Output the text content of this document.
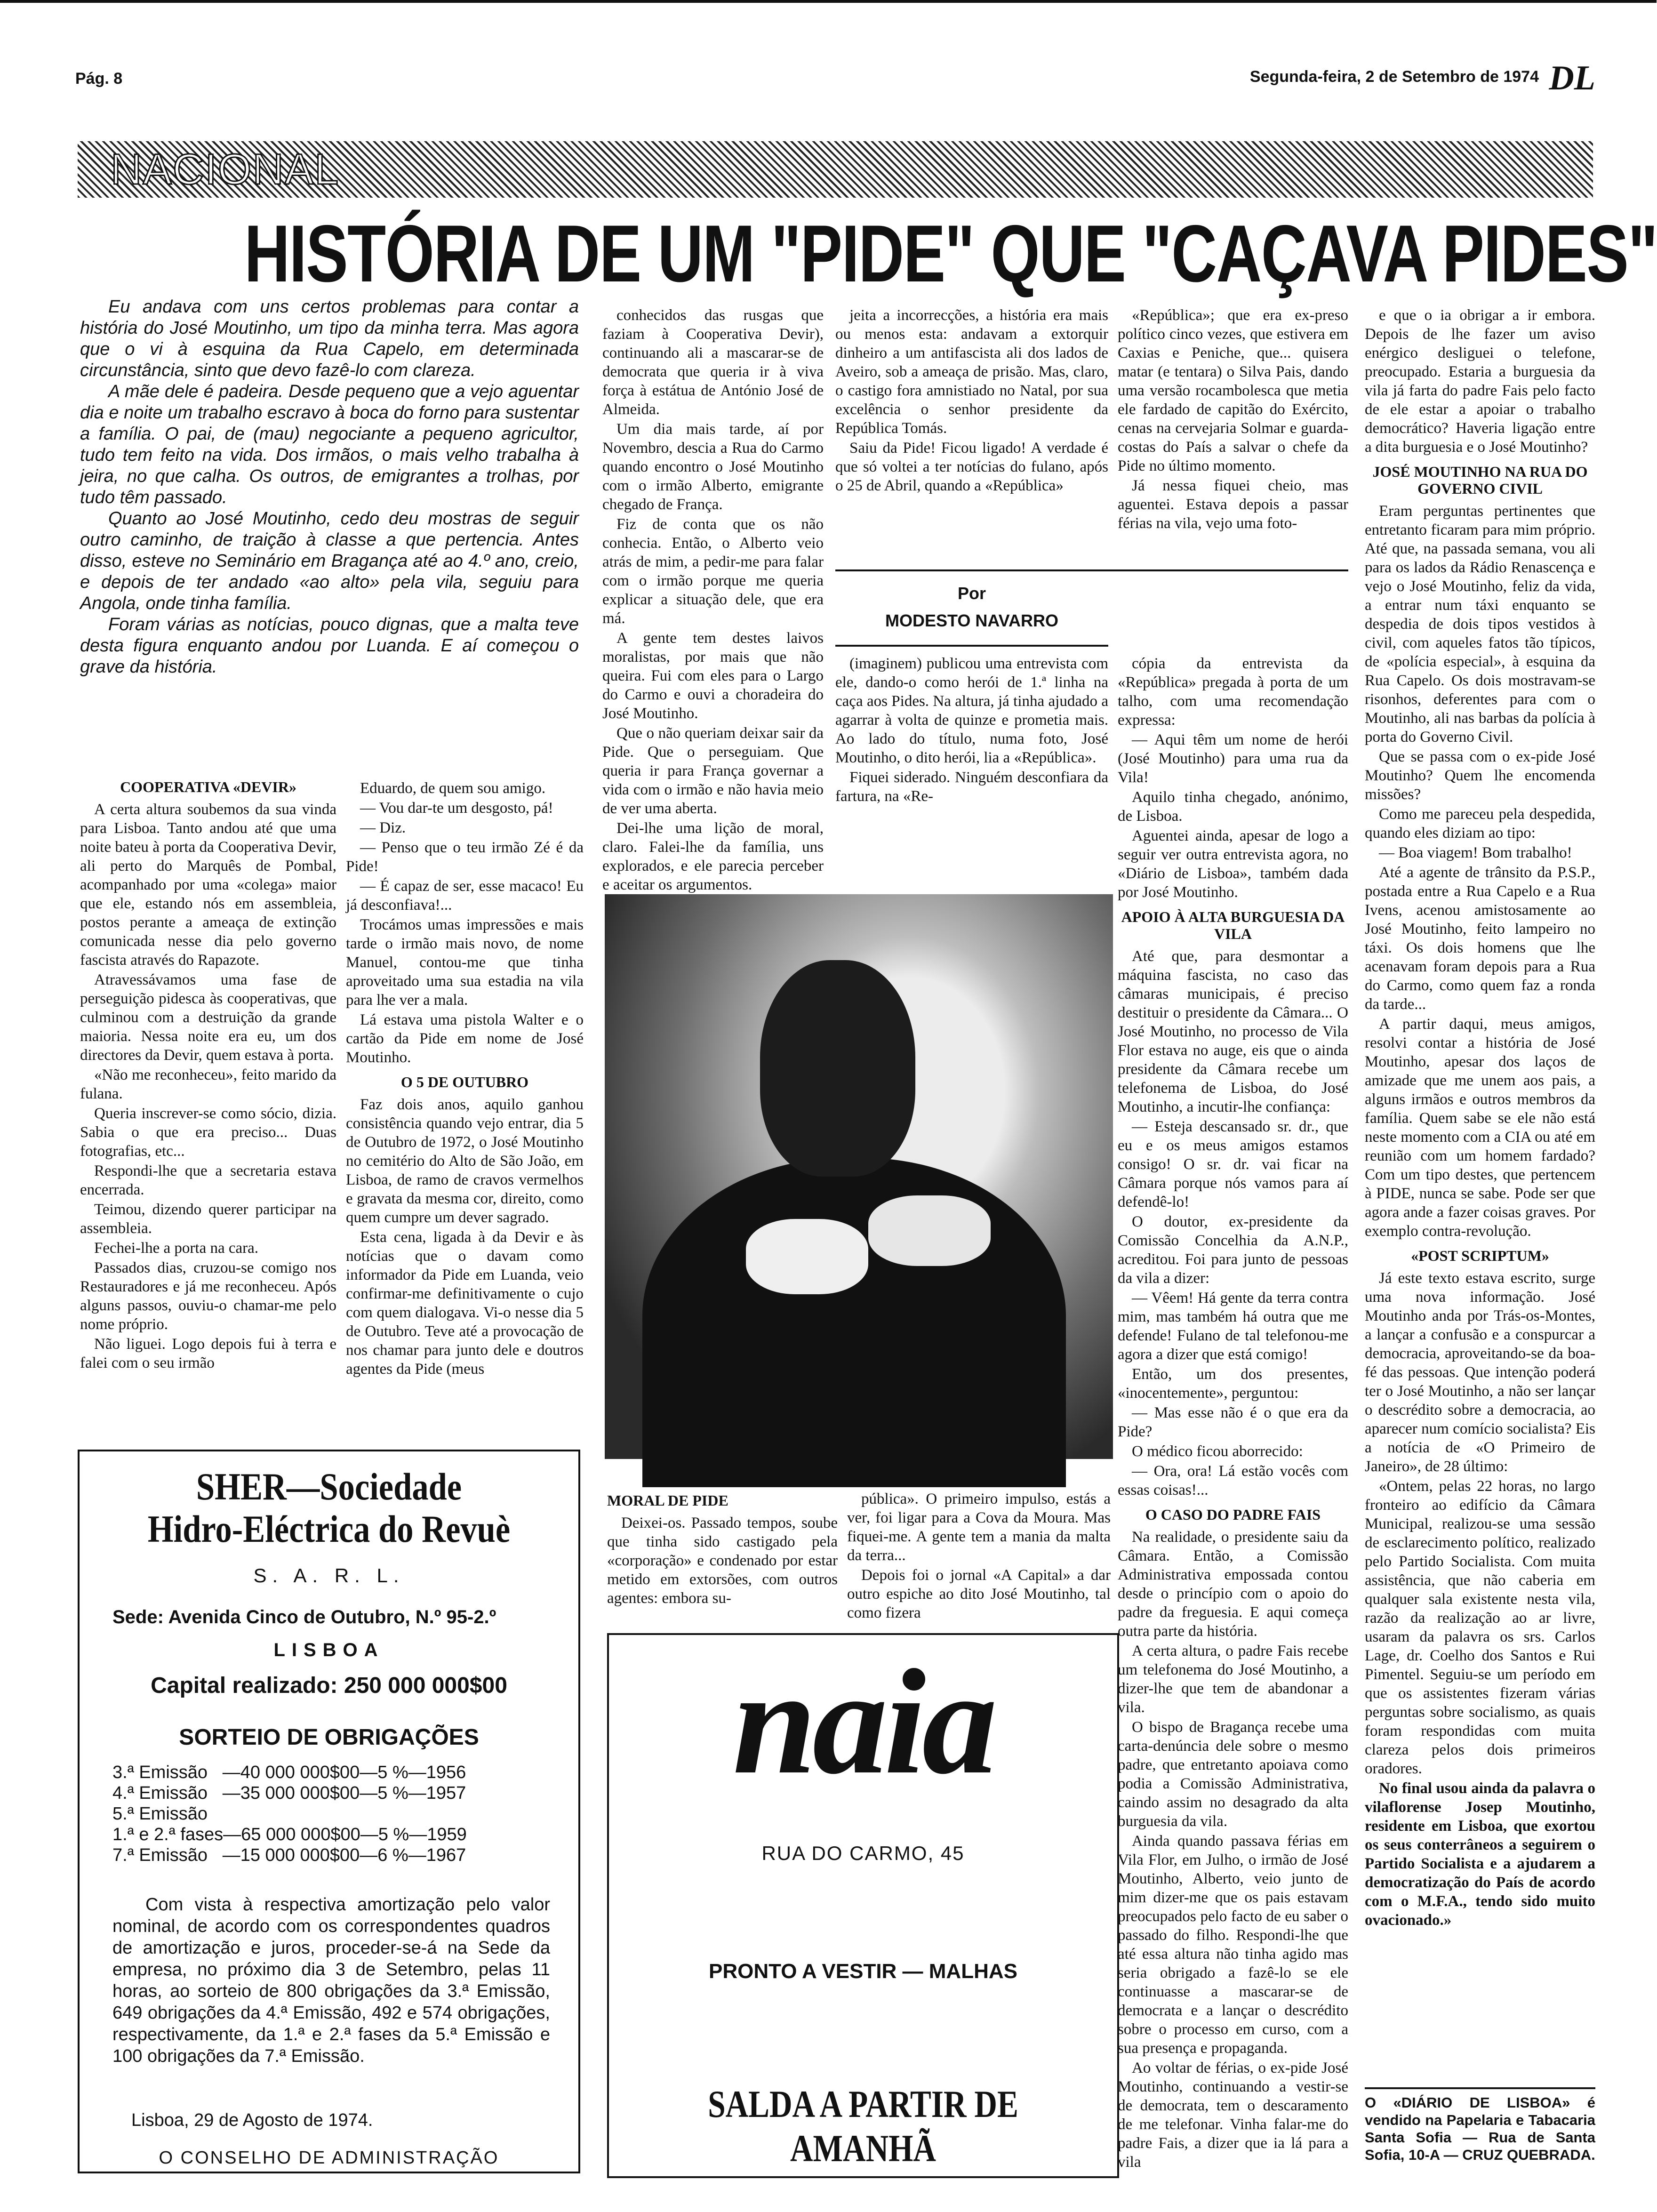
Pág. 8	Segunda-feira, 2 de Setembro de 1974 DL
NACIONAL
HISTÓRIA DE UM "PIDE" QUE "CAÇAVA PIDES"

Eu andava com uns certos problemas para contar a história do José Moutinho, um tipo da minha terra. Mas agora que o vi à esquina da Rua Capelo, em determinada circunstância, sinto que devo fazê-lo com clareza.

A mãe dele é padeira. Desde pequeno que a vejo aguentar dia e noite um trabalho escravo à boca do forno para sustentar a família. O pai, de (mau) negociante a pequeno agricultor, tudo tem feito na vida. Dos irmãos, o mais velho trabalha à jeira, no que calha. Os outros, de emigrantes a trolhas, por tudo têm passado.

Quanto ao José Moutinho, cedo deu mostras de seguir outro caminho, de traição à classe a que pertencia. Antes disso, esteve no Seminário em Bragança até ao 4.º ano, creio, e depois de ter andado «ao alto» pela vila, seguiu para Angola, onde tinha família.

Foram várias as notícias, pouco dignas, que a malta teve desta figura enquanto andou por Luanda. E aí começou o grave da história.

COOPERATIVA «DEVIR»

A certa altura soubemos da sua vinda para Lisboa. Tanto andou até que uma noite bateu à porta da Cooperativa Devir, ali perto do Marquês de Pombal, acompanhado por uma «colega» maior que ele, estando nós em assembleia, postos perante a ameaça de extinção comunicada nesse dia pelo governo fascista através do Rapazote.

Atravessávamos uma fase de perseguição pidesca às cooperativas, que culminou com a destruição da grande maioria. Nessa noite era eu, um dos directores da Devir, quem estava à porta.

«Não me reconheceu», feito marido da fulana.

Queria inscrever-se como sócio, dizia. Sabia o que era preciso... Duas fotografias, etc...

Respondi-lhe que a secretaria estava encerrada.

Teimou, dizendo querer participar na assembleia.

Fechei-lhe a porta na cara.

Passados dias, cruzou-se comigo nos Restauradores e já me reconheceu. Após alguns passos, ouviu-o chamar-me pelo nome próprio.

Não liguei. Logo depois fui à terra e falei com o seu irmão

Eduardo, de quem sou amigo.

— Vou dar-te um desgosto, pá!

— Diz.

— Penso que o teu irmão Zé é da Pide!

— É capaz de ser, esse macaco! Eu já desconfiava!...

Trocámos umas impressões e mais tarde o irmão mais novo, de nome Manuel, contou-me que tinha aproveitado uma sua estadia na vila para lhe ver a mala.

Lá estava uma pistola Walter e o cartão da Pide em nome de José Moutinho.

O 5 DE OUTUBRO

Faz dois anos, aquilo ganhou consistência quando vejo entrar, dia 5 de Outubro de 1972, o José Moutinho no cemitério do Alto de São João, em Lisboa, de ramo de cravos vermelhos e gravata da mesma cor, direito, como quem cumpre um dever sagrado.

Esta cena, ligada à da Devir e às notícias que o davam como informador da Pide em Luanda, veio confirmar-me definitivamente o cujo com quem dialogava. Vi-o nesse dia 5 de Outubro. Teve até a provocação de nos chamar para junto dele e doutros agentes da Pide (meus

conhecidos das rusgas que faziam à Cooperativa Devir), continuando ali a mascarar-se de democrata que queria ir à viva força à estátua de António José de Almeida.

Um dia mais tarde, aí por Novembro, descia a Rua do Carmo quando encontro o José Moutinho com o irmão Alberto, emigrante chegado de França.

Fiz de conta que os não conhecia. Então, o Alberto veio atrás de mim, a pedir-me para falar com o irmão porque me queria explicar a situação dele, que era má.

A gente tem destes laivos moralistas, por mais que não queira. Fui com eles para o Largo do Carmo e ouvi a choradeira do José Moutinho.

Que o não queriam deixar sair da Pide. Que o perseguiam. Que queria ir para França governar a vida com o irmão e não havia meio de ver uma aberta.

Dei-lhe uma lição de moral, claro. Falei-lhe da família, uns explorados, e ele parecia perceber e aceitar os argumentos.

jeita a incorrecções, a história era mais ou menos esta: andavam a extorquir dinheiro a um antifascista ali dos lados de Aveiro, sob a ameaça de prisão. Mas, claro, o castigo fora amnistiado no Natal, por sua excelência o senhor presidente da República Tomás.

Saiu da Pide! Ficou ligado! A verdade é que só voltei a ter notícias do fulano, após o 25 de Abril, quando a «República»

Por
MODESTO NAVARRO

(imaginem) publicou uma entrevista com ele, dando-o como herói de 1.ª linha na caça aos Pides. Na altura, já tinha ajudado a agarrar à volta de quinze e prometia mais. Ao lado do título, numa foto, José Moutinho, o dito herói, lia a «República».

Fiquei siderado. Ninguém desconfiara da fartura, na «Re-

«República»; que era ex-preso político cinco vezes, que estivera em Caxias e Peniche, que... quisera matar (e tentara) o Silva Pais, dando uma versão rocambolesca que metia ele fardado de capitão do Exército, cenas na cervejaria Solmar e guarda-costas do País a salvar o chefe da Pide no último momento.

Já nessa fiquei cheio, mas aguentei. Estava depois a passar férias na vila, vejo uma foto-

cópia da entrevista da «República» pregada à porta de um talho, com uma recomendação expressa:

— Aqui têm um nome de herói (José Moutinho) para uma rua da Vila!

Aquilo tinha chegado, anónimo, de Lisboa.

Aguentei ainda, apesar de logo a seguir ver outra entrevista agora, no «Diário de Lisboa», também dada por José Moutinho.

APOIO À ALTA BURGUESIA DA VILA

Até que, para desmontar a máquina fascista, no caso das câmaras municipais, é preciso destituir o presidente da Câmara... O José Moutinho, no processo de Vila Flor estava no auge, eis que o ainda presidente da Câmara recebe um telefonema de Lisboa, do José Moutinho, a incutir-lhe confiança:

— Esteja descansado sr. dr., que eu e os meus amigos estamos consigo! O sr. dr. vai ficar na Câmara porque nós vamos para aí defendê-lo!

O doutor, ex-presidente da Comissão Concelhia da A.N.P., acreditou. Foi para junto de pessoas da vila a dizer:

— Vêem! Há gente da terra contra mim, mas também há outra que me defende! Fulano de tal telefonou-me agora a dizer que está comigo!

Então, um dos presentes, «inocentemente», perguntou:

— Mas esse não é o que era da Pide?

O médico ficou aborrecido:

— Ora, ora! Lá estão vocês com essas coisas!...

O CASO DO PADRE FAIS

Na realidade, o presidente saiu da Câmara. Então, a Comissão Administrativa empossada contou desde o princípio com o apoio do padre da freguesia. E aqui começa outra parte da história.

A certa altura, o padre Fais recebe um telefonema do José Moutinho, a dizer-lhe que tem de abandonar a vila.

O bispo de Bragança recebe uma carta-denúncia dele sobre o mesmo padre, que entretanto apoiava como podia a Comissão Administrativa, caindo assim no desagrado da alta burguesia da vila.

Ainda quando passava férias em Vila Flor, em Julho, o irmão de José Moutinho, Alberto, veio junto de mim dizer-me que os pais estavam preocupados pelo facto de eu saber o passado do filho. Respondi-lhe que até essa altura não tinha agido mas seria obrigado a fazê-lo se ele continuasse a mascarar-se de democrata e a lançar o descrédito sobre o processo em curso, com a sua presença e propaganda.

Ao voltar de férias, o ex-pide José Moutinho, continuando a vestir-se de democrata, tem o descaramento de me telefonar. Vinha falar-me do padre Fais, a dizer que ia lá para a vila

e que o ia obrigar a ir embora. Depois de lhe fazer um aviso enérgico desliguei o telefone, preocupado. Estaria a burguesia da vila já farta do padre Fais pelo facto de ele estar a apoiar o trabalho democrático? Haveria ligação entre a dita burguesia e o José Moutinho?

JOSÉ MOUTINHO NA RUA DO GOVERNO CIVIL

Eram perguntas pertinentes que entretanto ficaram para mim próprio. Até que, na passada semana, vou ali para os lados da Rádio Renascença e vejo o José Moutinho, feliz da vida, a entrar num táxi enquanto se despedia de dois tipos vestidos à civil, com aqueles fatos tão típicos, de «polícia especial», à esquina da Rua Capelo. Os dois mostravam-se risonhos, deferentes para com o Moutinho, ali nas barbas da polícia à porta do Governo Civil.

Que se passa com o ex-pide José Moutinho? Quem lhe encomenda missões?

Como me pareceu pela despedida, quando eles diziam ao tipo:

— Boa viagem! Bom trabalho!

Até a agente de trânsito da P.S.P., postada entre a Rua Capelo e a Rua Ivens, acenou amistosamente ao José Moutinho, feito lampeiro no táxi. Os dois homens que lhe acenavam foram depois para a Rua do Carmo, como quem faz a ronda da tarde...

A partir daqui, meus amigos, resolvi contar a história de José Moutinho, apesar dos laços de amizade que me unem aos pais, a alguns irmãos e outros membros da família. Quem sabe se ele não está neste momento com a CIA ou até em reunião com um homem fardado? Com um tipo destes, que pertencem à PIDE, nunca se sabe. Pode ser que agora ande a fazer coisas graves. Por exemplo contra-revolução.

«POST SCRIPTUM»

Já este texto estava escrito, surge uma nova informação. José Moutinho anda por Trás-os-Montes, a lançar a confusão e a conspurcar a democracia, aproveitando-se da boa-fé das pessoas. Que intenção poderá ter o José Moutinho, a não ser lançar o descrédito sobre a democracia, ao aparecer num comício socialista? Eis a notícia de «O Primeiro de Janeiro», de 28 último:

«Ontem, pelas 22 horas, no largo fronteiro ao edifício da Câmara Municipal, realizou-se uma sessão de esclarecimento político, realizado pelo Partido Socialista. Com muita assistência, que não caberia em qualquer sala existente nesta vila, razão da realização ao ar livre, usaram da palavra os srs. Carlos Lage, dr. Coelho dos Santos e Rui Pimentel. Seguiu-se um período em que os assistentes fizeram várias perguntas sobre socialismo, as quais foram respondidas com muita clareza pelos dois primeiros oradores.

No final usou ainda da palavra o vilaflorense Josep Moutinho, residente em Lisboa, que exortou os seus conterrâneos a seguirem o Partido Socialista e a ajudarem a democratização do País de acordo com o M.F.A., tendo sido muito ovacionado.»

O «DIÁRIO DE LISBOA» é vendido na Papelaria e Tabacaria Santa Sofia — Rua de Santa Sofia, 10-A — CRUZ QUEBRADA.
MORAL DE PIDE

Deixei-os. Passado tempos, soube que tinha sido castigado pela «corporação» e condenado por estar metido em extorsões, com outros agentes: embora su-

pública». O primeiro impulso, estás a ver, foi ligar para a Cova da Moura. Mas fiquei-me. A gente tem a mania da malta da terra...

Depois foi o jornal «A Capital» a dar outro espiche ao dito José Moutinho, tal como fizera

SHER—Sociedade
Hidro-Eléctrica do Revuè
S. A. R. L.
Sede: Avenida Cinco de Outubro, N.º 95-2.º
LISBOA
Capital realizado: 250 000 000$00
SORTEIO DE OBRIGAÇÕES
3.ª Emissão   —40 000 000$00—5 %—1956
4.ª Emissão   —35 000 000$00—5 %—1957
5.ª Emissão
1.ª e 2.ª fases—65 000 000$00—5 %—1959
7.ª Emissão   —15 000 000$00—6 %—1967
Com vista à respectiva amortização pelo valor nominal, de acordo com os correspondentes quadros de amortização e juros, proceder-se-á na Sede da empresa, no próximo dia 3 de Setembro, pelas 11 horas, ao sorteio de 800 obrigações da 3.ª Emissão, 649 obrigações da 4.ª Emissão, 492 e 574 obrigações, respectivamente, da 1.ª e 2.ª fases da 5.ª Emissão e 100 obrigações da 7.ª Emissão.
Lisboa, 29 de Agosto de 1974.
O CONSELHO DE ADMINISTRAÇÃO
naia
RUA DO CARMO, 45
PRONTO A VESTIR — MALHAS
SALDA A PARTIR DE AMANHÃ
